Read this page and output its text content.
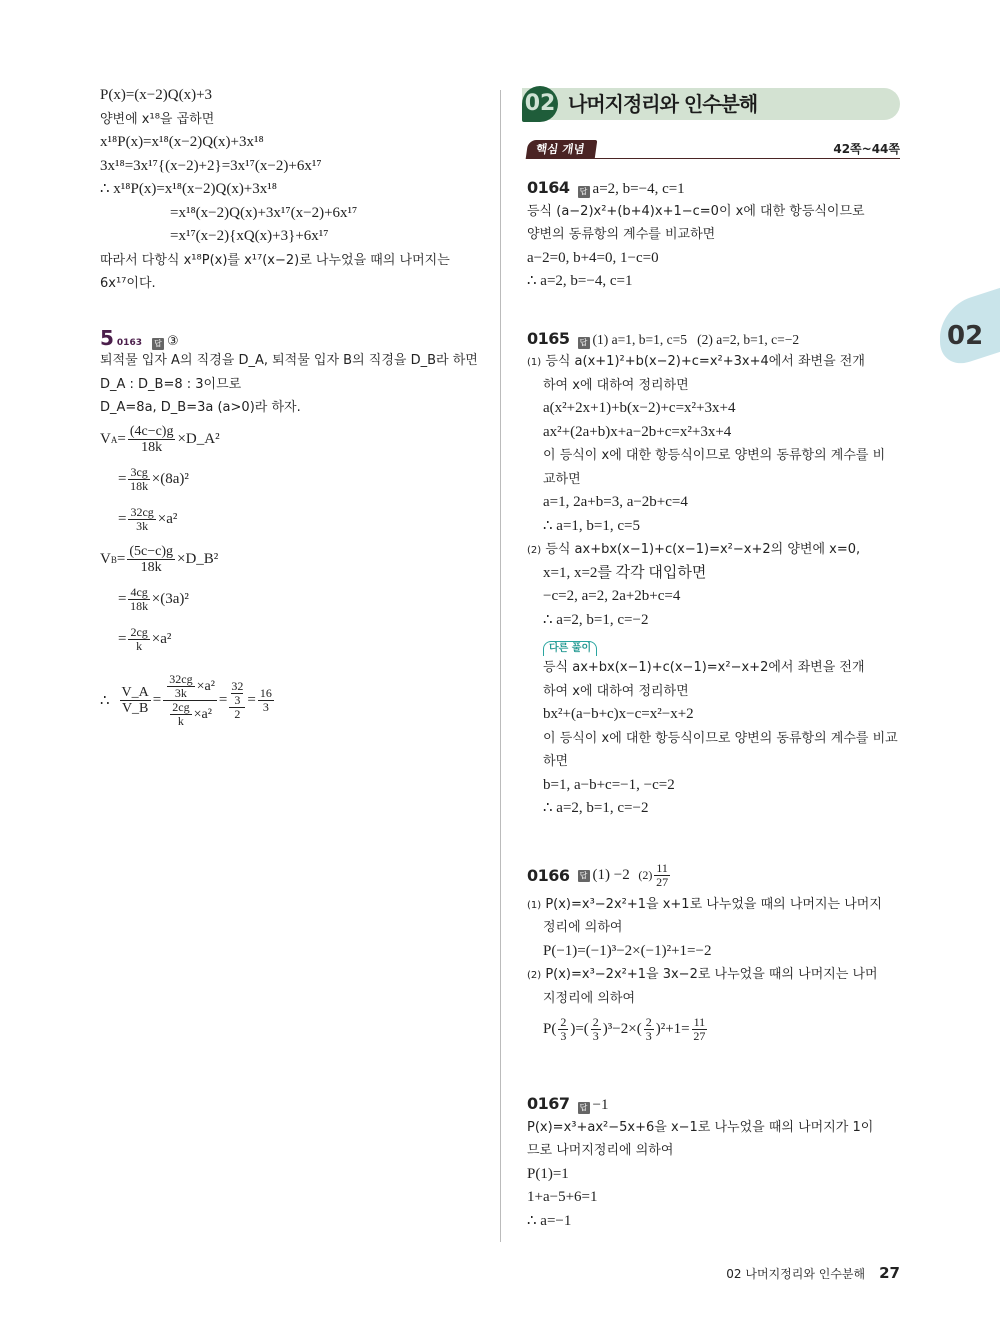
P(x)=(x−2)Q(x)+3
양변에 x¹⁸을 곱하면
x¹⁸P(x)=x¹⁸(x−2)Q(x)+3x¹⁸
3x¹⁸=3x¹⁷{(x−2)+2}=3x¹⁷(x−2)+6x¹⁷
∴ x¹⁸P(x)=x¹⁸(x−2)Q(x)+3x¹⁸
=x¹⁸(x−2)Q(x)+3x¹⁷(x−2)+6x¹⁷
=x¹⁷(x−2){xQ(x)+3}+6x¹⁷
따라서 다항식 x¹⁸P(x)를 x¹⁷(x−2)로 나누었을 때의 나머지는
6x¹⁷이다.
5 0163 답 ③
퇴적물 입자 A의 직경을 D_A, 퇴적물 입자 B의 직경을 D_B라 하면
D_A : D_B=8 : 3이므로
D_A=8a, D_B=3a (a>0)라 하자.
V $A = \frac{(4c-c)g}{18k}$ ×D_A²
= $\frac{3cg}{18k} \times(8a)^2$
= $\frac{32cg}{3k} \times a^2$
V $B = \frac{(5c-c)g}{18k}$ ×D_B²
= $\frac{4cg}{18k} \times(3a)^2$
= $\frac{2cg}{k} \times a^2$
∴ $\frac{V\_A}{V\_B} = \frac{\frac{32cg}{3k} \times a^2}{\frac{2cg}{k} \times a^2} = \frac{\frac{32}{3}}{2} = \frac{16}{3}$
02 나머지정리와 인수분해
핵심 개념	42쪽~44쪽
02
0164 답 a=2, b=−4, c=1
등식 (a−2)x²+(b+4)x+1−c=0이 x에 대한 항등식이므로
양변의 동류항의 계수를 비교하면
a−2=0, b+4=0, 1−c=0
∴ a=2, b=−4, c=1
0165 답 (1) a=1, b=1, c=5   (2) a=2, b=1, c=−2
(1) 등식 a(x+1)²+b(x−2)+c=x²+3x+4에서 좌변을 전개
하여 x에 대하여 정리하면
a(x²+2x+1)+b(x−2)+c=x²+3x+4
ax²+(2a+b)x+a−2b+c=x²+3x+4
이 등식이 x에 대한 항등식이므로 양변의 동류항의 계수를 비
교하면
a=1, 2a+b=3, a−2b+c=4
∴ a=1, b=1, c=5
(2) 등식 ax+bx(x−1)+c(x−1)=x²−x+2의 양변에 x=0,
x=1, x=2를 각각 대입하면
−c=2, a=2, 2a+2b+c=4
∴ a=2, b=1, c=−2
다른 풀이
등식 ax+bx(x−1)+c(x−1)=x²−x+2에서 좌변을 전개
하여 x에 대하여 정리하면
bx²+(a−b+c)x−c=x²−x+2
이 등식이 x에 대한 항등식이므로 양변의 동류항의 계수를 비교
하면
b=1, a−b+c=−1, −c=2
∴ a=2, b=1, c=−2
0166 답 (1) −2
$(2) \frac{11}{27}$
(1) P(x)=x³−2x²+1을 x+1로 나누었을 때의 나머지는 나머지
정리에 의하여
P(−1)=(−1)³−2×(−1)²+1=−2
(2) P(x)=x³−2x²+1을 3x−2로 나누었을 때의 나머지는 나머
지정리에 의하여
P ( $\frac{2}{3}$ )=( $\frac{2}{3} )^3-2\times( \frac{2}{3} )^2+1= \frac{11}{27}$
0167 답 −1
P(x)=x³+ax²−5x+6을 x−1로 나누었을 때의 나머지가 1이
므로 나머지정리에 의하여
P(1)=1
1+a−5+6=1
∴ a=−1
02 나머지정리와 인수분해 27
